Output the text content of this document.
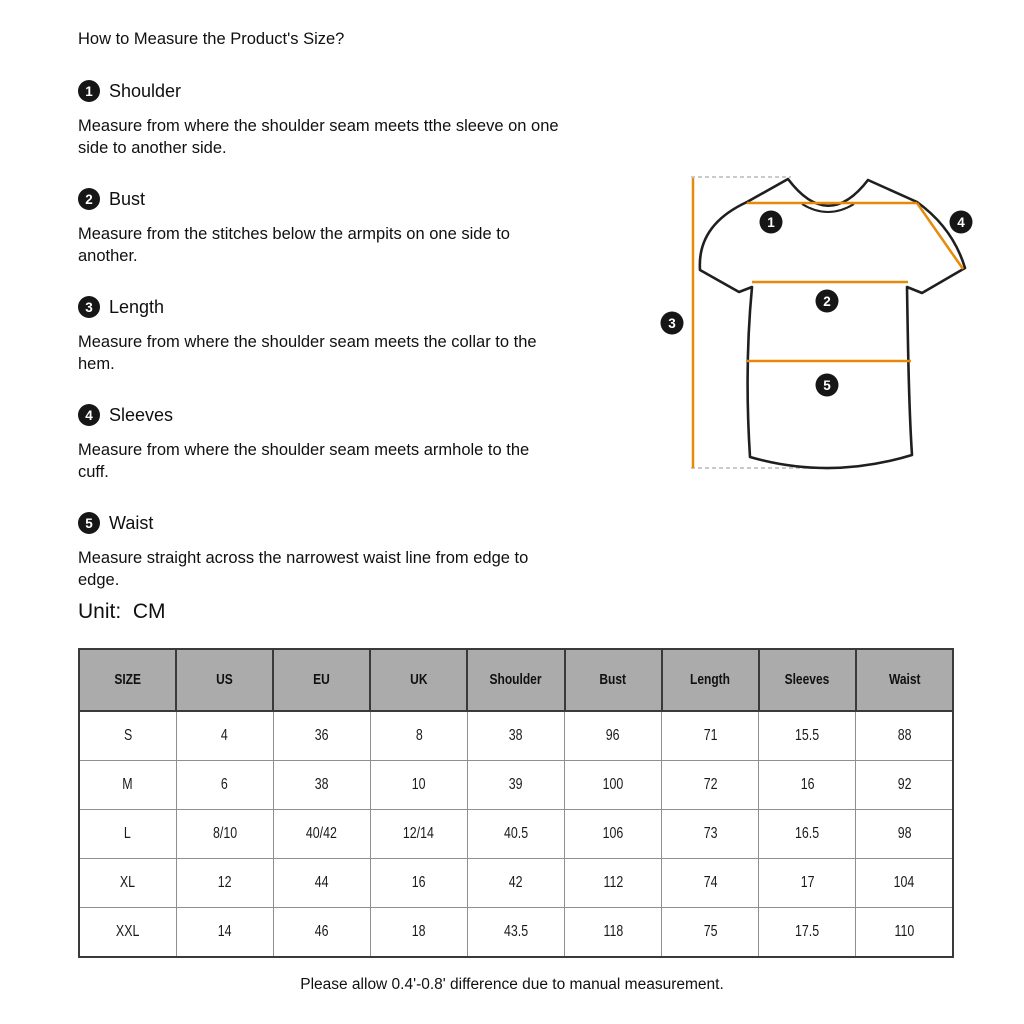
How to Measure the Product's Size?
1 Shoulder

Measure from where the shoulder seam meets tthe sleeve on one
side to another side.

2 Bust

Measure from the stitches below the armpits on one side to
another.

3 Length

Measure from where the shoulder seam meets the collar to the
hem.

4 Sleeves

Measure from where the shoulder seam meets armhole to the
cuff.

5 Waist

Measure straight across the narrowest waist line from edge to
edge.

Unit:  CM
1
2
3
4
5
SIZE	US	EU	UK	Shoulder	Bust	Length	Sleeves	Waist
S	4	36	8	38	96	71	15.5	88
M	6	38	10	39	100	72	16	92
L	8/10	40/42	12/14	40.5	106	73	16.5	98
XL	12	44	16	42	112	74	17	104
XXL	14	46	18	43.5	118	75	17.5	110
Please allow 0.4'-0.8' difference due to manual measurement.
